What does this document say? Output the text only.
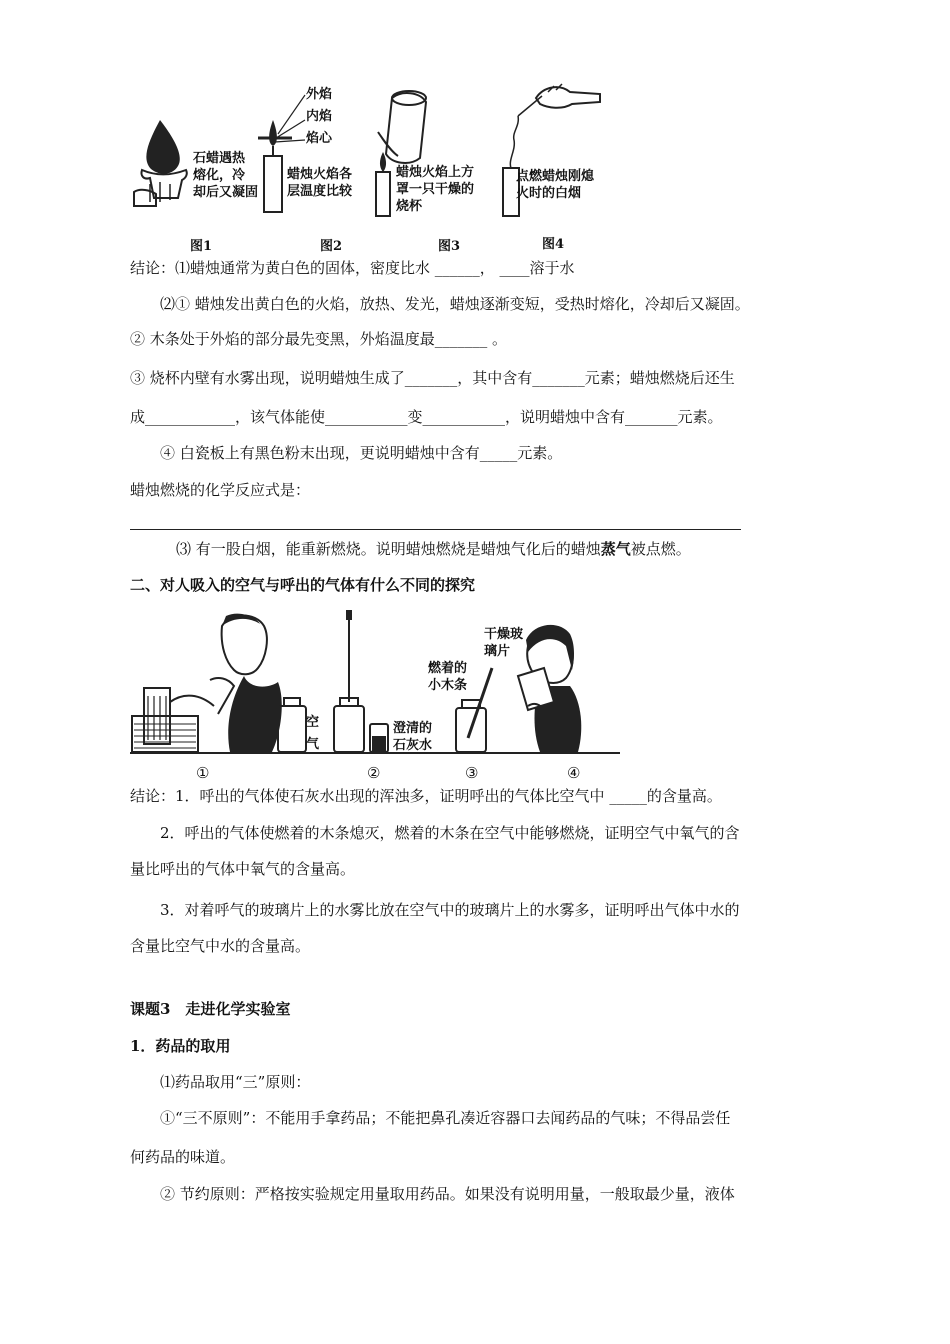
石蜡遇热
熔化，冷
却后又凝固
外焰
内焰
焰心
蜡烛火焰各
层温度比较
蜡烛火焰上方
罩一只干燥的
烧杯
点燃蜡烛刚熄
火时的白烟
图1	图2	图3	图4
结论：⑴蜡烛通常为黄白色的固体，密度比水 ______， ____溶于水
⑵① 蜡烛发出黄白色的火焰，放热、发光，蜡烛逐渐变短，受热时熔化，冷却后又凝固。
② 木条处于外焰的部分最先变黑，外焰温度最_______ 。
③ 烧杯内壁有水雾出现，说明蜡烛生成了_______，其中含有_______元素；蜡烛燃烧后还生
成____________，该气体能使___________变___________，说明蜡烛中含有_______元素。
④ 白瓷板上有黑色粉末出现，更说明蜡烛中含有_____元素。
蜡烛燃烧的化学反应式是：
⑶ 有一股白烟，能重新燃烧。说明蜡烛燃烧是蜡烛气化后的蜡烛蒸气被点燃。
二、对人吸入的空气与呼出的气体有什么不同的探究
空
气
澄清的
石灰水
燃着的
小木条
干燥玻
璃片
①	②	③	④
结论：1．呼出的气体使石灰水出现的浑浊多，证明呼出的气体比空气中 _____的含量高。
2．呼出的气体使燃着的木条熄灭，燃着的木条在空气中能够燃烧，证明空气中氧气的含
量比呼出的气体中氧气的含量高。
3．对着呼气的玻璃片上的水雾比放在空气中的玻璃片上的水雾多，证明呼出气体中水的
含量比空气中水的含量高。
课题3　走进化学实验室
1．药品的取用
⑴药品取用“三”原则：
①“三不原则”：不能用手拿药品；不能把鼻孔凑近容器口去闻药品的气味；不得品尝任
何药品的味道。
② 节约原则：严格按实验规定用量取用药品。如果没有说明用量，一般取最少量，液体
